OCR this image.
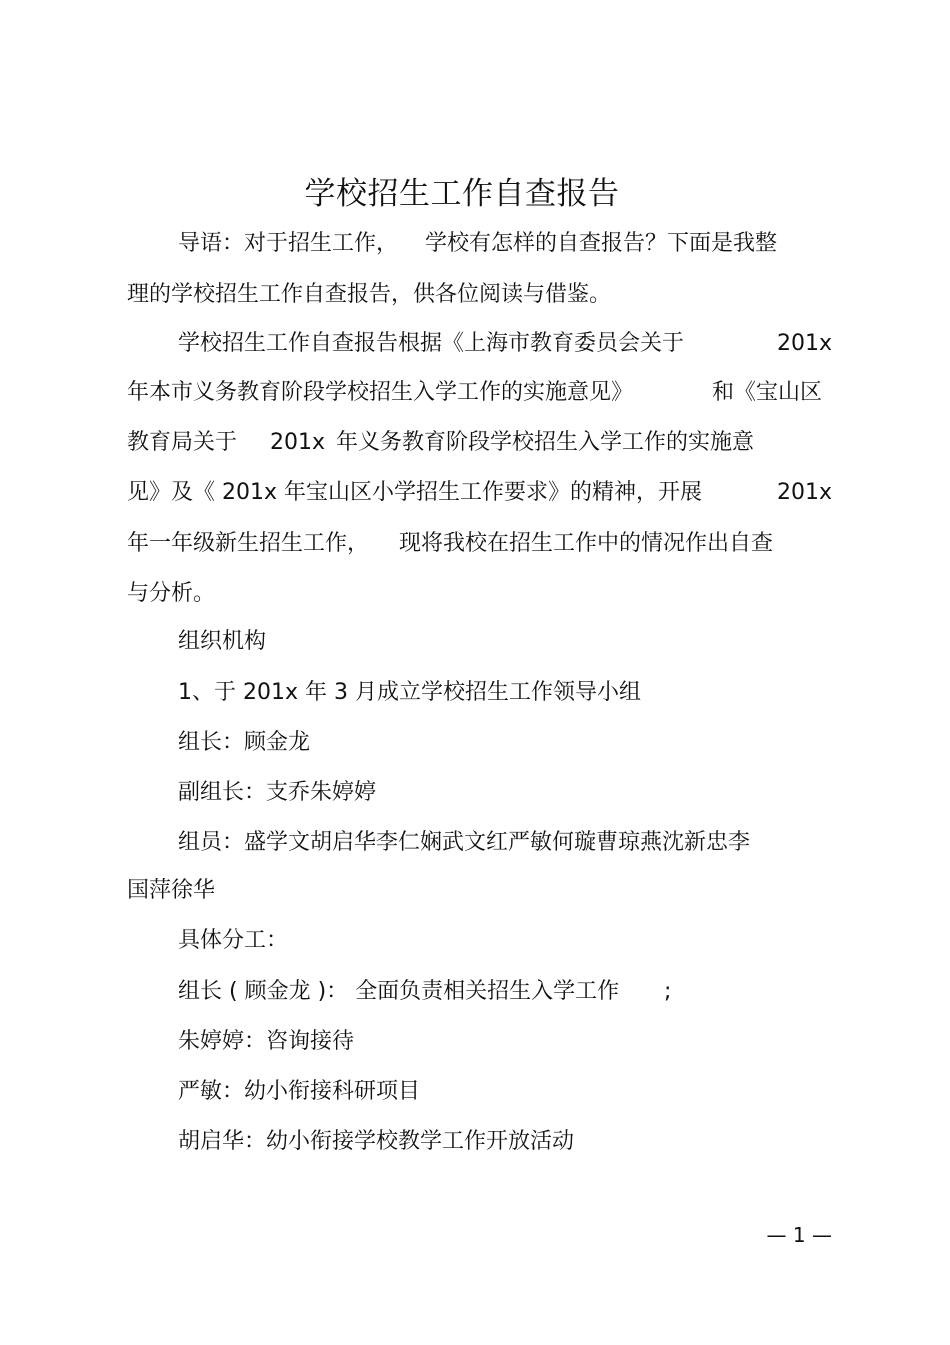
学校招生工作自查报告
导语：对于招生工作， 学校有怎样的自查报告？下面是我整
理的学校招生工作自查报告，供各位阅读与借鉴。
学校招生工作自查报告根据《上海市教育委员会关于	201x
年本市义务教育阶段学校招生入学工作的实施意见》	和《宝山区
教育局关于 201x 年义务教育阶段学校招生入学工作的实施意
见》及《 201x 年宝山区小学招生工作要求》的精神，开展	201x
年一年级新生招生工作， 现将我校在招生工作中的情况作出自查
与分析。
组织机构
1、于 201x 年 3 月成立学校招生工作领导小组
组长：顾金龙
副组长：支乔朱婷婷
组员：盛学文胡启华李仁娴武文红严敏何璇曹琼燕沈新忠李
国萍徐华
具体分工：
组长 ( 顾金龙 )： 全面负责相关招生入学工作 ;
朱婷婷：咨询接待
严敏：幼小衔接科研项目
胡启华：幼小衔接学校教学工作开放活动
— 1 —
